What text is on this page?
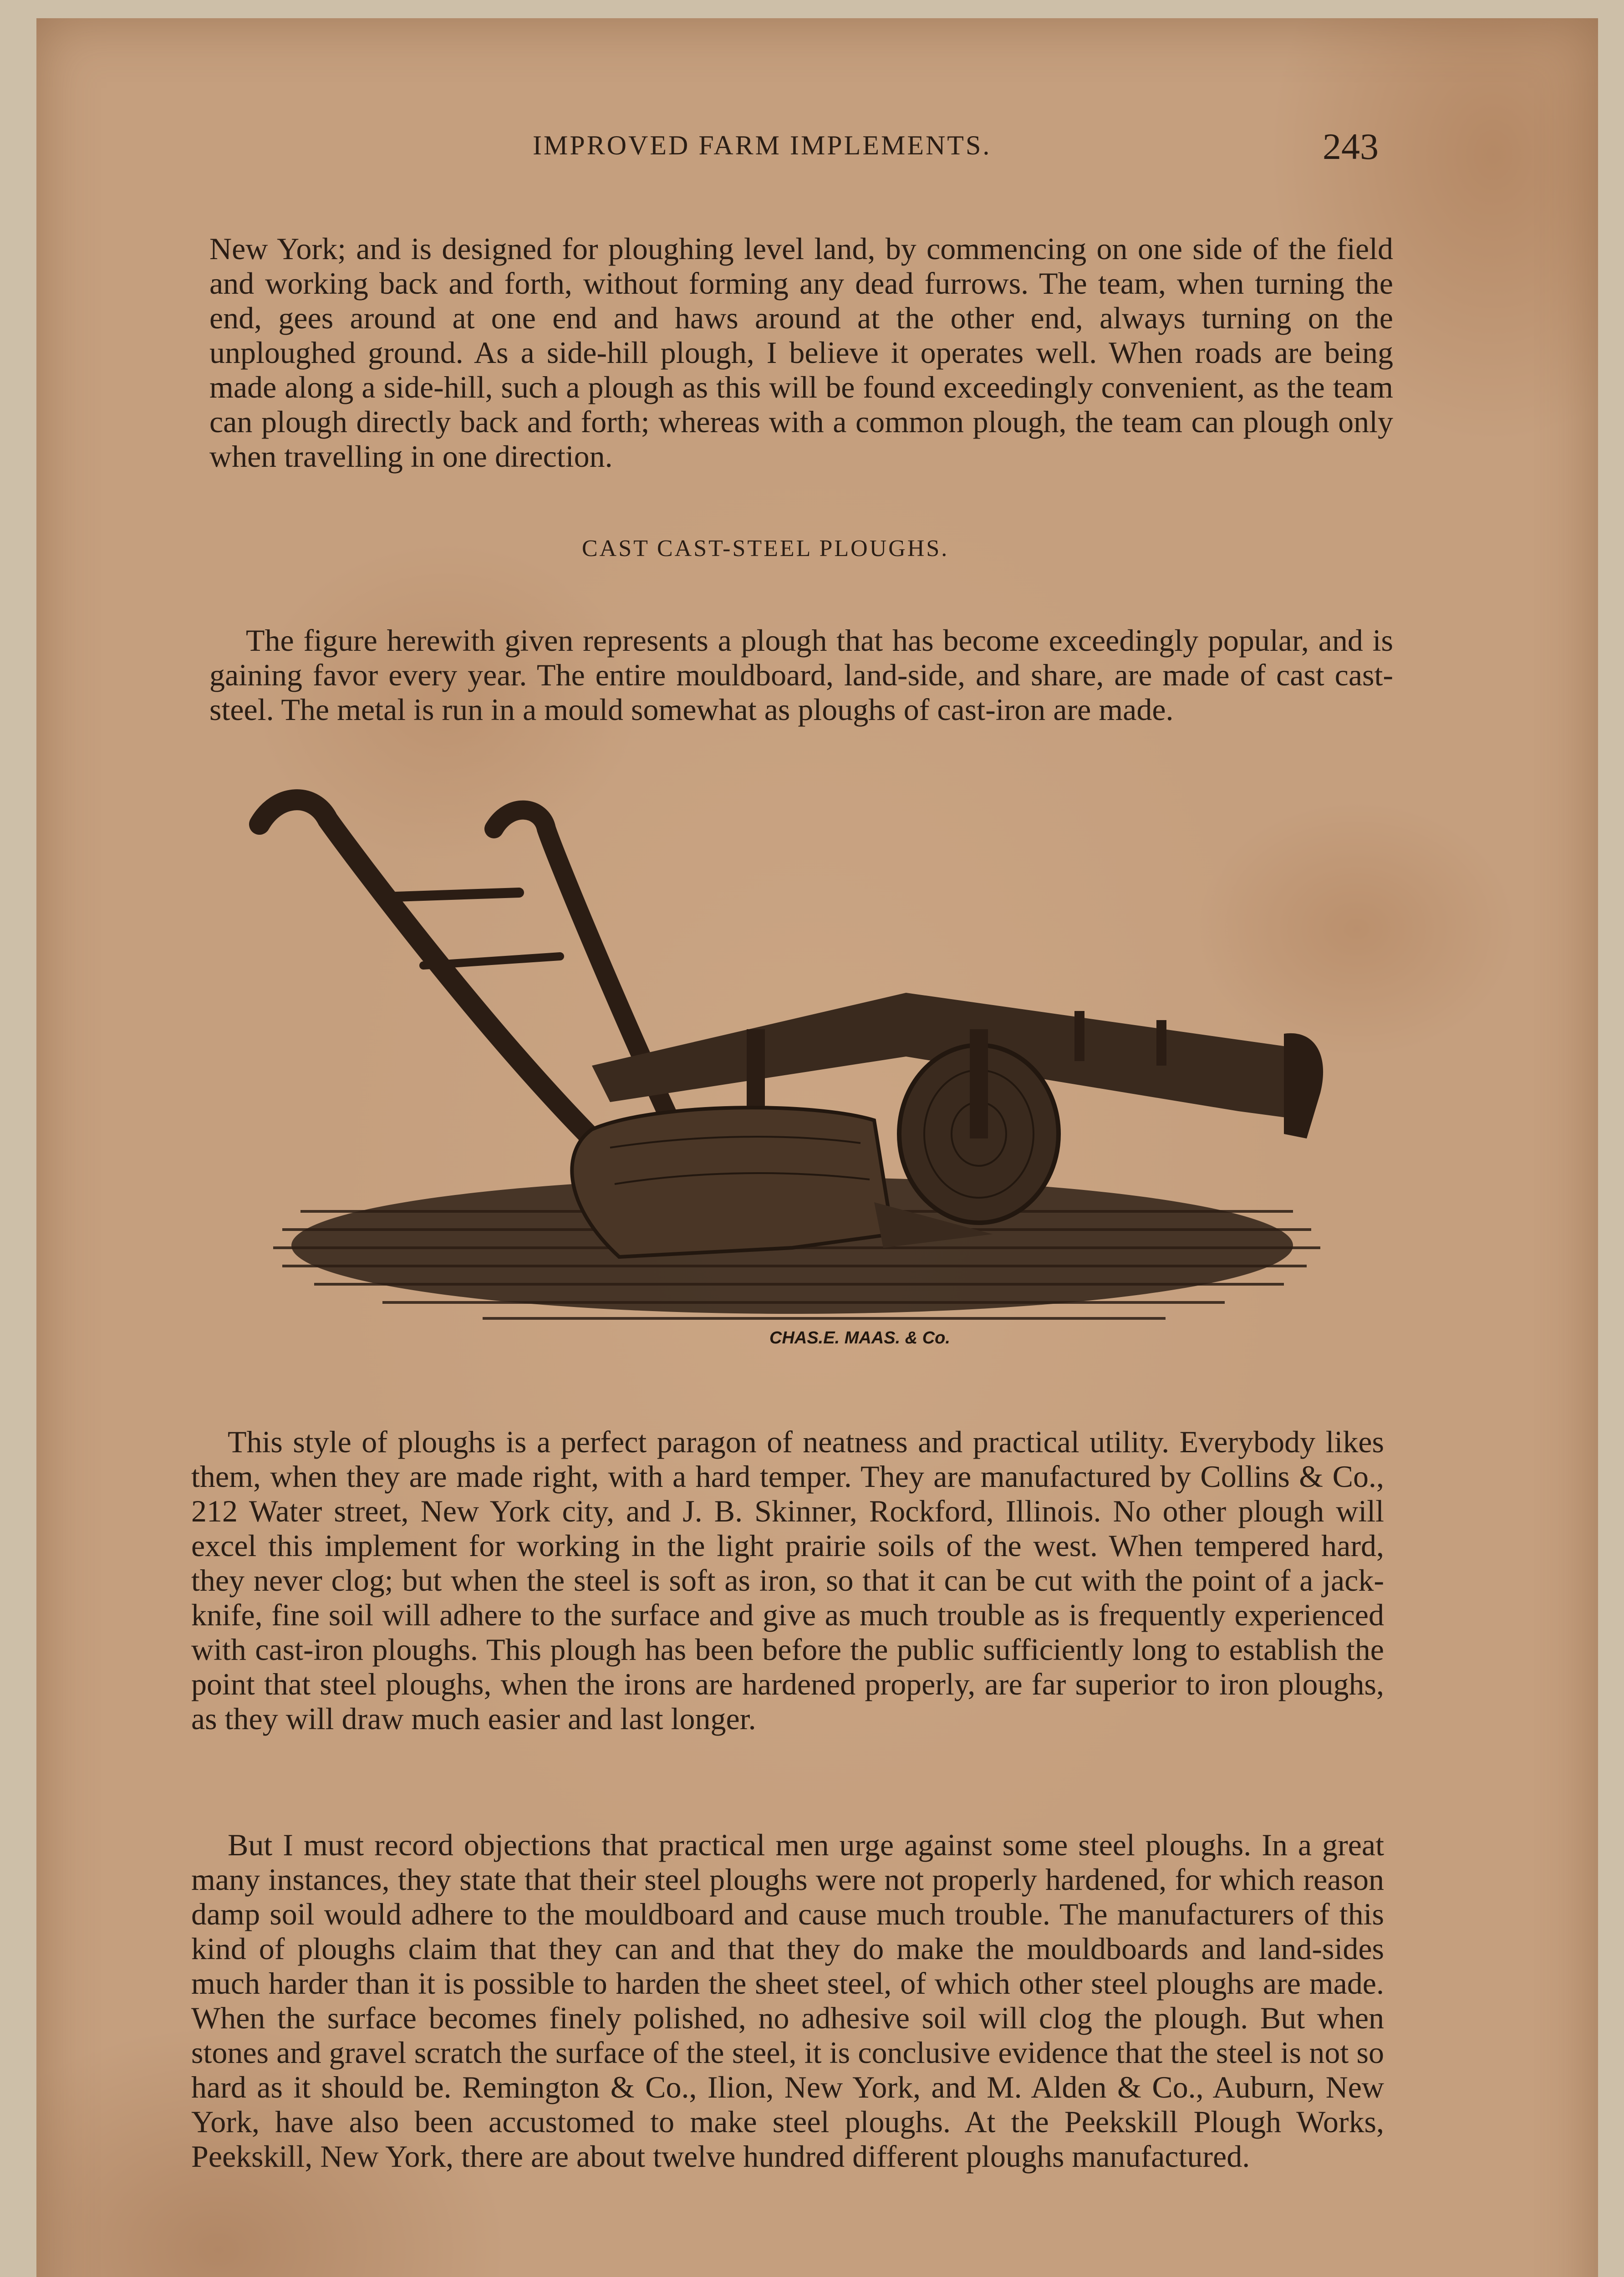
IMPROVED FARM IMPLEMENTS.	243

New York; and is designed for ploughing level land, by commencing on one side of the field and working back and forth, without forming any dead furrows. The team, when turning the end, gees around at one end and haws around at the other end, always turning on the unploughed ground. As a side-hill plough, I believe it operates well. When roads are being made along a side-hill, such a plough as this will be found exceedingly convenient, as the team can plough directly back and forth; whereas with a common plough, the team can plough only when travelling in one direction.

CAST CAST-STEEL PLOUGHS.

The figure herewith given represents a plough that has become exceedingly popular, and is gaining favor every year. The entire mouldboard, land-side, and share, are made of cast cast-steel. The metal is run in a mould somewhat as ploughs of cast-iron are made.

CHAS.E. MAAS. & Co.

This style of ploughs is a perfect paragon of neatness and practical utility. Everybody likes them, when they are made right, with a hard temper. They are manufactured by Collins & Co., 212 Water street, New York city, and J. B. Skinner, Rockford, Illinois. No other plough will excel this implement for working in the light prairie soils of the west. When tempered hard, they never clog; but when the steel is soft as iron, so that it can be cut with the point of a jack-knife, fine soil will adhere to the surface and give as much trouble as is frequently experienced with cast-iron ploughs. This plough has been before the public sufficiently long to establish the point that steel ploughs, when the irons are hardened properly, are far superior to iron ploughs, as they will draw much easier and last longer.

But I must record objections that practical men urge against some steel ploughs. In a great many instances, they state that their steel ploughs were not properly hardened, for which reason damp soil would adhere to the mouldboard and cause much trouble. The manufacturers of this kind of ploughs claim that they can and that they do make the mouldboards and land-sides much harder than it is possible to harden the sheet steel, of which other steel ploughs are made. When the surface becomes finely polished, no adhesive soil will clog the plough. But when stones and gravel scratch the surface of the steel, it is conclusive evidence that the steel is not so hard as it should be. Remington & Co., Ilion, New York, and M. Alden & Co., Auburn, New York, have also been accustomed to make steel ploughs. At the Peekskill Plough Works, Peekskill, New York, there are about twelve hundred different ploughs manufactured.
